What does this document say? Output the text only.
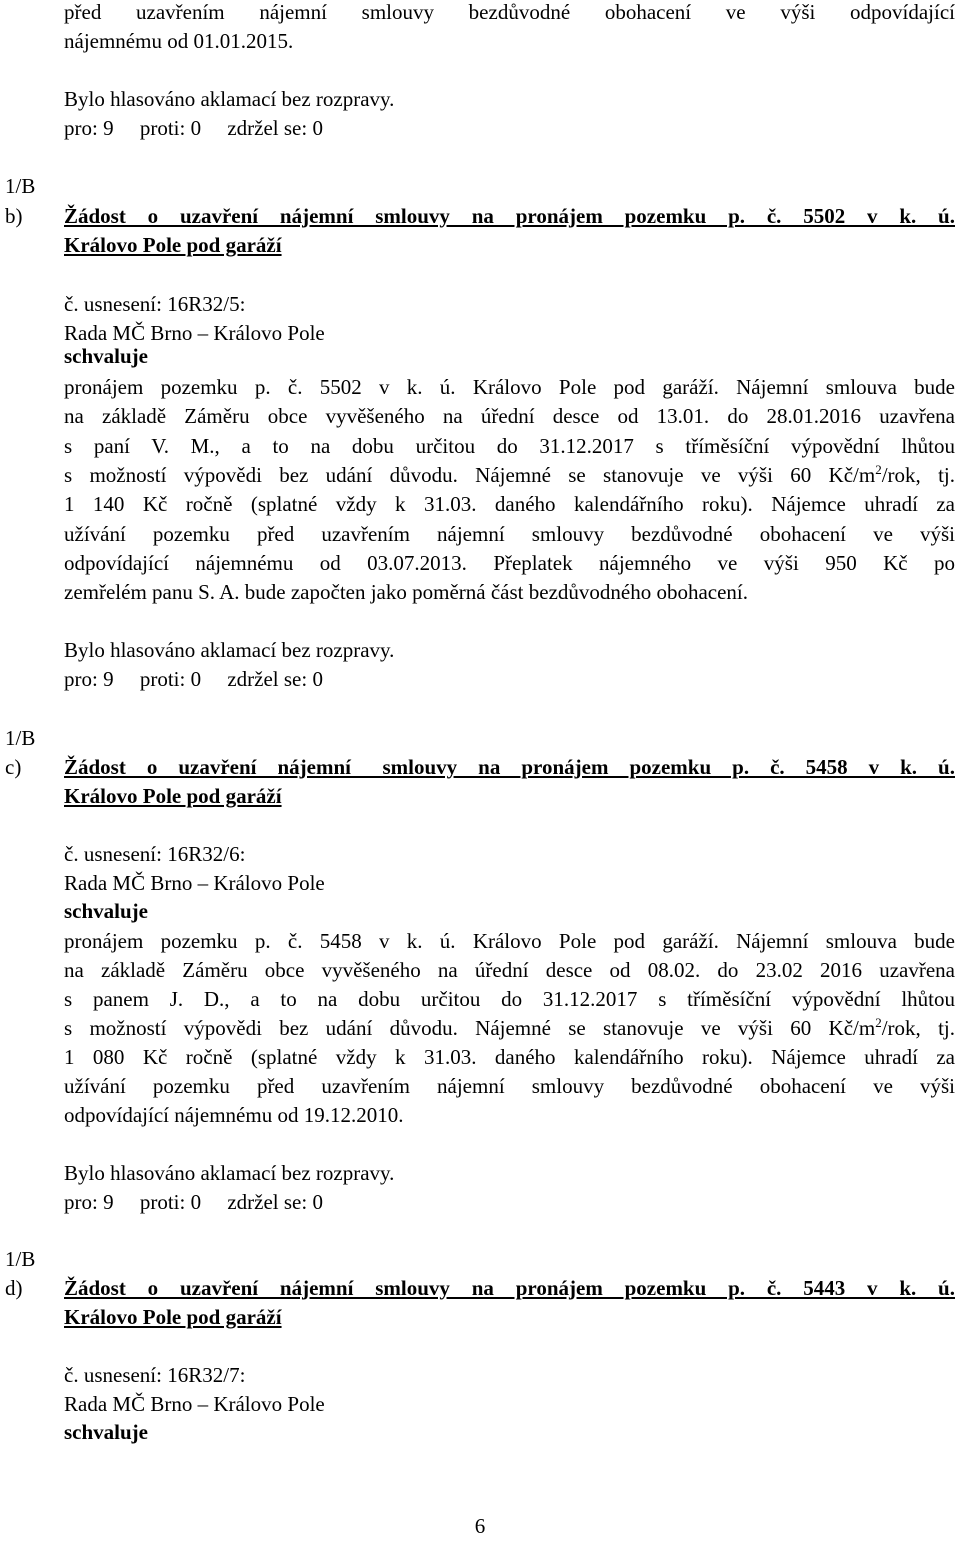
před uzavřením nájemní smlouvy bezdůvodné obohacení ve výši odpovídající
nájemnému od 01.01.2015.
Bylo hlasováno aklamací bez rozpravy.
pro: 9     proti: 0     zdržel se: 0
1/B
b) Žádost  o  uzavření  nájemní  smlouvy  na  pronájem  pozemku  p.  č.  5502  v  k.  ú.
Královo Pole pod garáží
č. usnesení: 16R32/5:
Rada MČ Brno – Královo Pole
schvaluje
pronájem pozemku p. č. 5502 v k. ú. Královo Pole pod garáží. Nájemní smlouva bude
na základě Záměru obce vyvěšeného na úřední desce od 13.01. do 28.01.2016 uzavřena
s paní V. M., a to na dobu určitou do 31.12.2017 s tříměsíční výpovědní lhůtou
s možností výpovědi bez udání důvodu. Nájemné se stanovuje ve výši 60 $Kč/m^2$/rok, tj.
1 140 Kč ročně (splatné vždy k 31.03. daného kalendářního roku). Nájemce uhradí za
užívání pozemku před uzavřením nájemní smlouvy bezdůvodné obohacení ve výši
odpovídající nájemnému od 03.07.2013. Přeplatek nájemného ve výši 950 Kč po
zemřelém panu S. A. bude započten jako poměrná část bezdůvodného obohacení.
Bylo hlasováno aklamací bez rozpravy.
pro: 9     proti: 0     zdržel se: 0
1/B
c) Žádost  o  uzavření  nájemní   smlouvy  na  pronájem  pozemku  p.  č.  5458  v  k.  ú.
Královo Pole pod garáží
č. usnesení: 16R32/6:
Rada MČ Brno – Královo Pole
schvaluje
pronájem pozemku p. č. 5458 v k. ú. Královo Pole pod garáží. Nájemní smlouva bude
na základě Záměru obce vyvěšeného na úřední desce od 08.02. do 23.02 2016 uzavřena
s panem J. D., a to na dobu určitou do 31.12.2017 s tříměsíční výpovědní lhůtou
s možností výpovědi bez udání důvodu. Nájemné se stanovuje ve výši 60 $Kč/m^2$/rok, tj.
1 080 Kč ročně (splatné vždy k 31.03. daného kalendářního roku). Nájemce uhradí za
užívání pozemku před uzavřením nájemní smlouvy bezdůvodné obohacení ve výši
odpovídající nájemnému od 19.12.2010.
Bylo hlasováno aklamací bez rozpravy.
pro: 9     proti: 0     zdržel se: 0
1/B
d) Žádost  o  uzavření  nájemní  smlouvy  na  pronájem  pozemku  p.  č.  5443  v  k.  ú.
Královo Pole pod garáží
č. usnesení: 16R32/7:
Rada MČ Brno – Královo Pole
schvaluje
6
